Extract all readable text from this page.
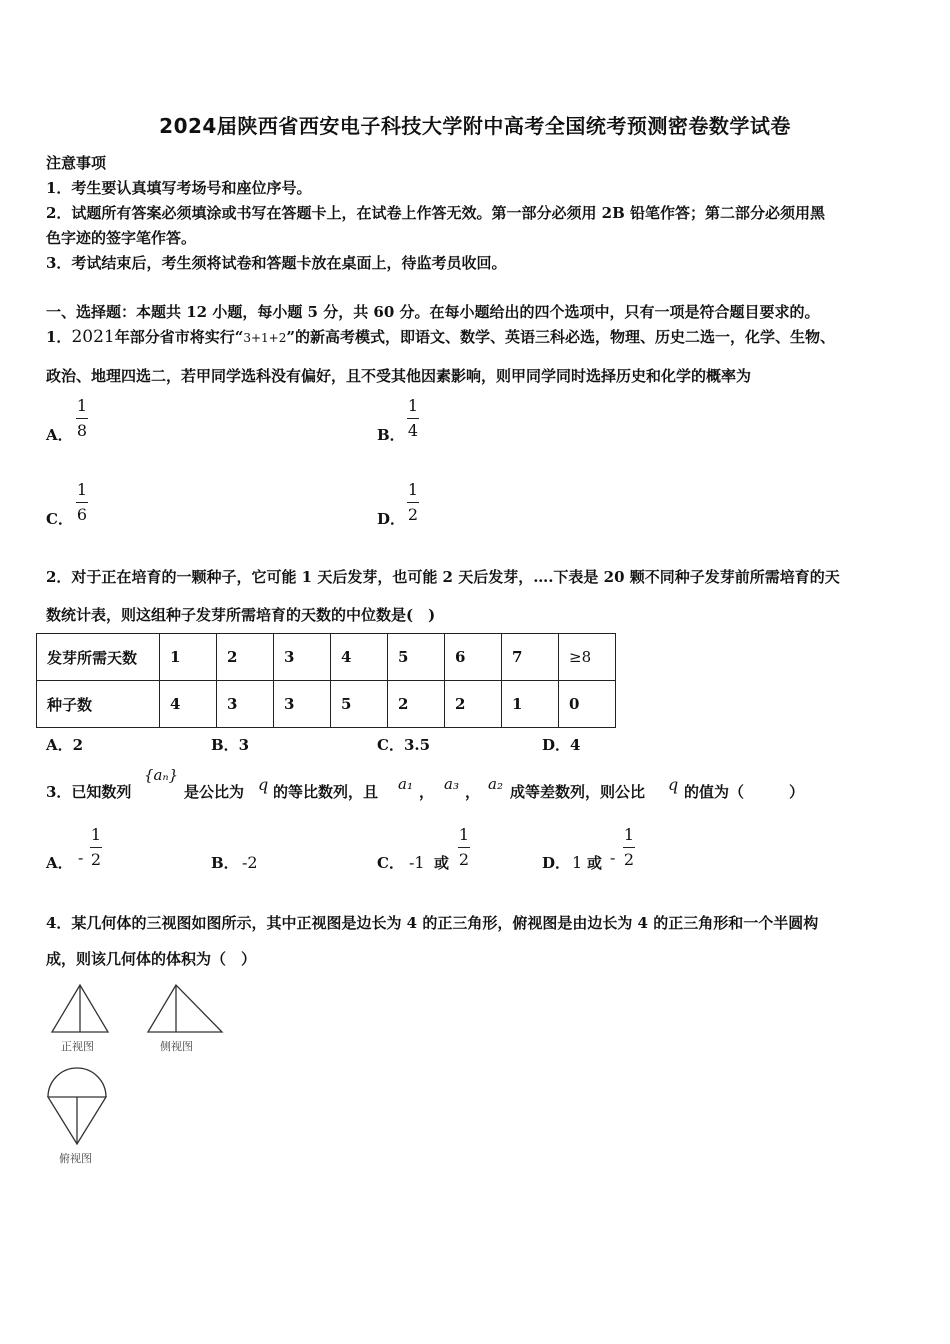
2024届陕西省西安电子科技大学附中高考全国统考预测密卷数学试卷
注意事项
1．考生要认真填写考场号和座位序号。
2．试题所有答案必须填涂或书写在答题卡上，在试卷上作答无效。第一部分必须用 2B 铅笔作答；第二部分必须用黑
色字迹的签字笔作答。
3．考试结束后，考生须将试卷和答题卡放在桌面上，待监考员收回。
一、选择题：本题共 12 小题，每小题 5 分，共 60 分。在每小题给出的四个选项中，只有一项是符合题目要求的。
1．2021年部分省市将实行“3+1+2”的新高考模式，即语文、数学、英语三科必选，物理、历史二选一，化学、生物、
政治、地理四选二，若甲同学选科没有偏好，且不受其他因素影响，则甲同学同时选择历史和化学的概率为
A．
1
8	B．
1
4
C．
1
6	D．
1
2
2．对于正在培育的一颗种子，它可能 1 天后发芽，也可能 2 天后发芽，….下表是 20 颗不同种子发芽前所需培育的天
数统计表，则这组种子发芽所需培育的天数的中位数是(　)
发芽所需天数	1	2	3	4	5	6	7	≥8
种子数	4	3	3	5	2	2	1	0
A．2	B．3	C．3.5	D．4
3．已知数列
{aₙ}
是公比为 q 的等比数列，且 a₁ ， a₃ ， a₂ 成等差数列，则公比 q 的值为（　　　）
A． -
1
2	B． -2	C． -1 或
1
2	D． 1 或 -
1
2
4．某几何体的三视图如图所示，其中正视图是边长为 4 的正三角形，俯视图是由边长为 4 的正三角形和一个半圆构
成，则该几何体的体积为（　）
正视图	侧视图
俯视图
